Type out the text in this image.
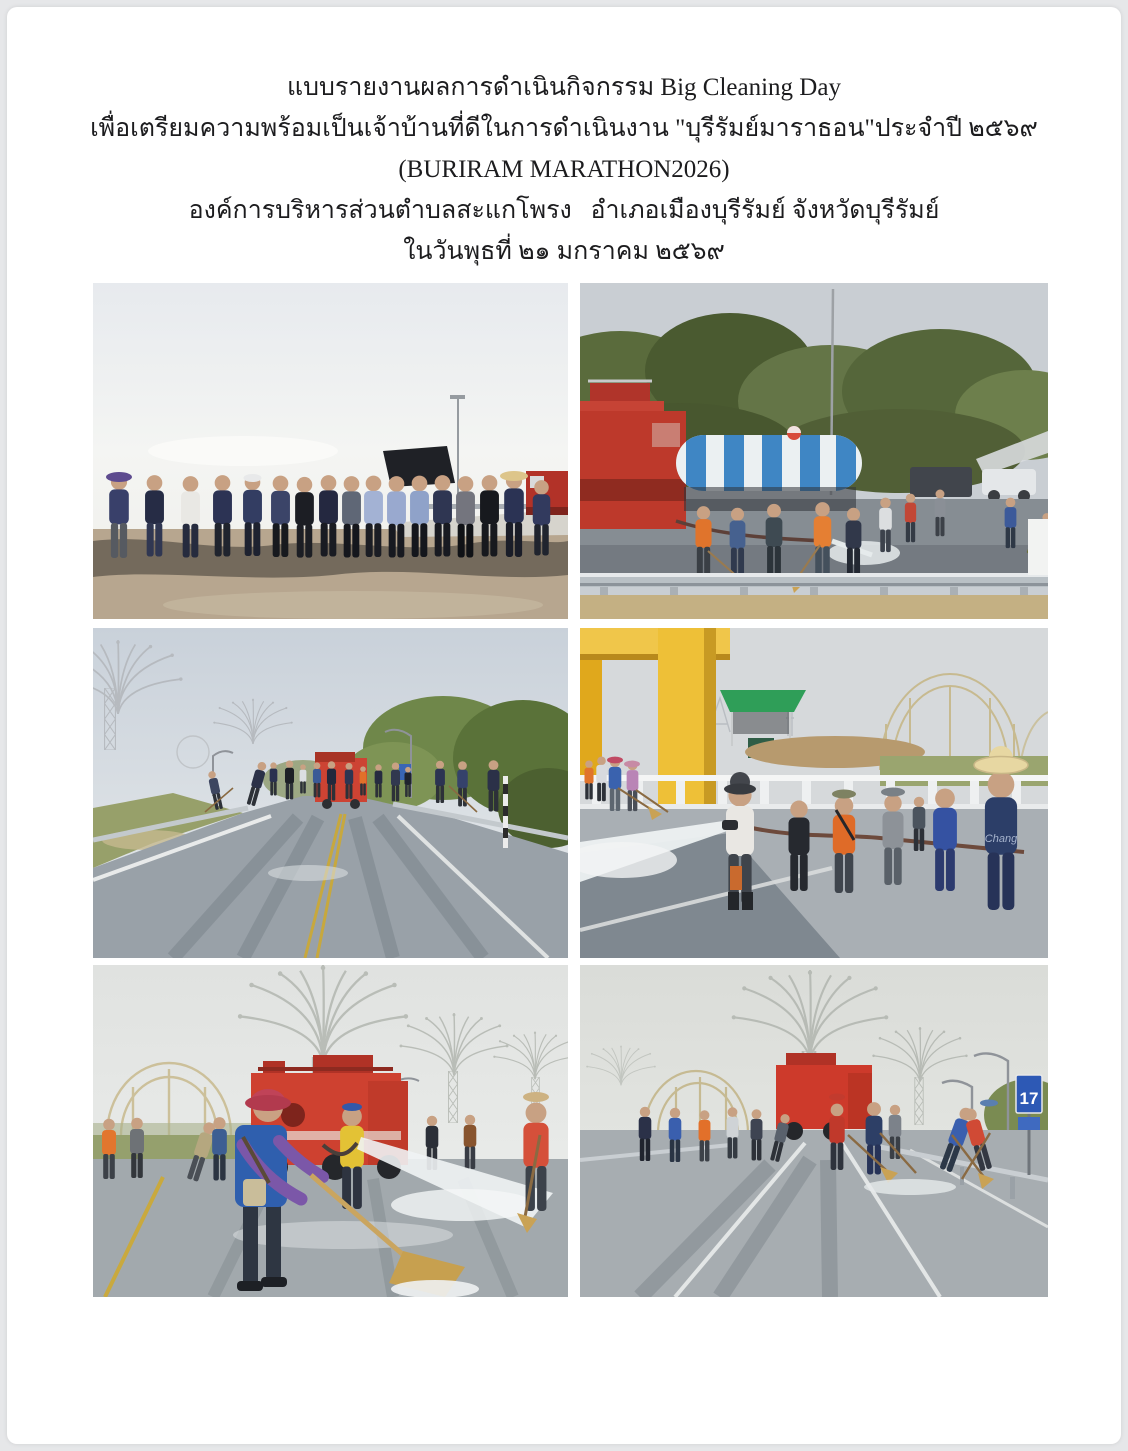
แบบรายงานผลการดำเนินกิจกรรม Big Cleaning Day

เพื่อเตรียมความพร้อมเป็นเจ้าบ้านที่ดีในการดำเนินงาน "บุรีรัมย์มาราธอน"ประจำปี ๒๕๖๙

(BURIRAM MARATHON2026)

องค์การบริหารส่วนตำบลสะแกโพรง   อำเภอเมืองบุรีรัมย์ จังหวัดบุรีรัมย์

ในวันพุธที่ ๒๑ มกราคม ๒๕๖๙

Chang
17
